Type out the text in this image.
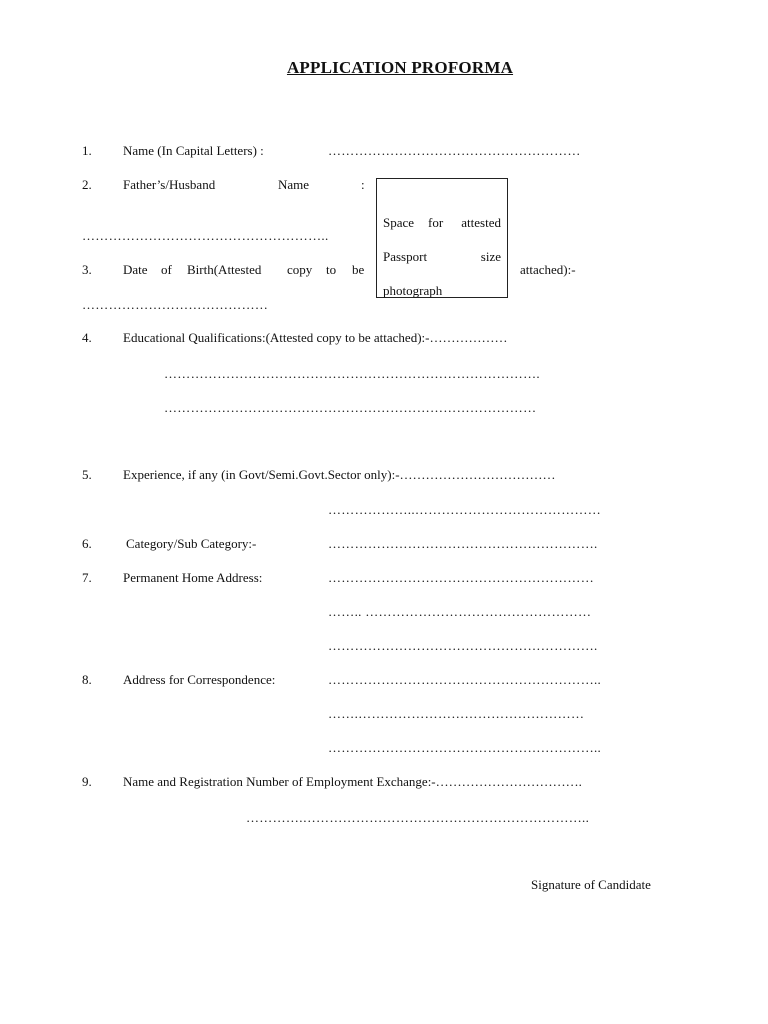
APPLICATION PROFORMA
1. Name (In Capital Letters) :	…………………………………………………
2. Father’s/Husband	Name	:
………………………………………………..
3. Date of Birth(Attested copy to be	attached):-
……………………………………
Space for attested
Passport	size
photograph
4. Educational Qualifications:(Attested copy to be attached):-………………
………………………………………………………………………….
…………………………………………………………………………
5. Experience, if any (in Govt/Semi.Govt.Sector only):-………………………………
………………..……………………………………
6.	Category/Sub Category:-	…………………………………………………….
7. Permanent Home Address:	……………………………………………………
…….. ……………………………………………
…………………………………………………….
8. Address for Correspondence:	……………………………………………………..
…….……………………………………………
……………………………………………………..
9. Name and Registration Number of Employment Exchange:-…………………………….
………….………………………………………………………..
Signature of Candidate
